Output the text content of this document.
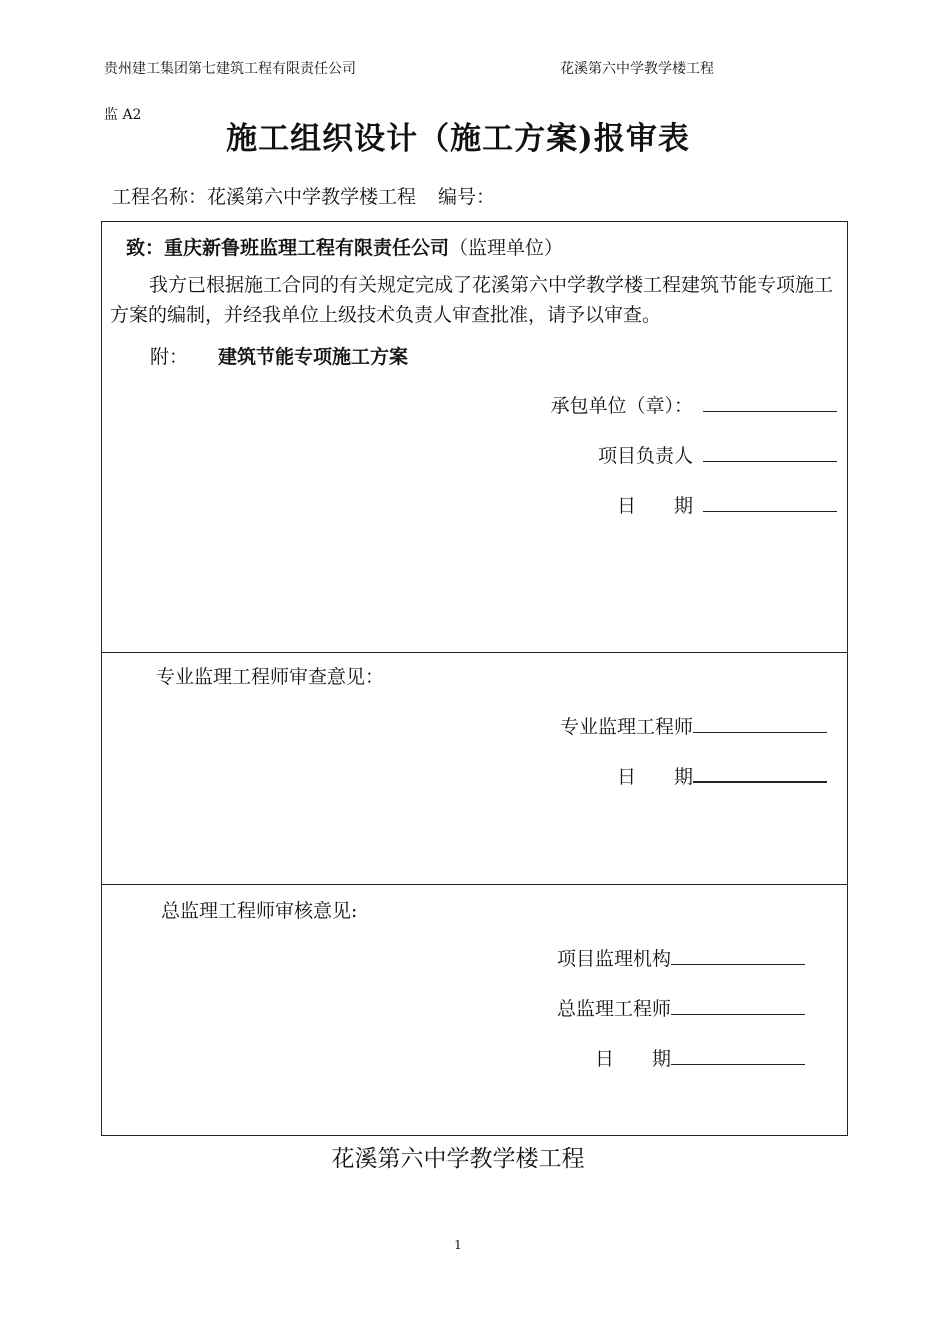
贵州建工集团第七建筑工程有限责任公司	花溪第六中学教学楼工程
监 A2
施工组织设计（施工方案)报审表
工程名称：花溪第六中学教学楼工程 编号：
致：重庆新鲁班监理工程有限责任公司（监理单位）
我方已根据施工合同的有关规定完成了花溪第六中学教学楼工程建筑节能专项施工方案的编制，并经我单位上级技术负责人审查批准，请予以审查。
附： 建筑节能专项施工方案
承包单位（章）：
项目负责人
日　　期
专业监理工程师审查意见：
专业监理工程师
日　　期
总监理工程师审核意见:
项目监理机构
总监理工程师
日　　期
花溪第六中学教学楼工程
1
